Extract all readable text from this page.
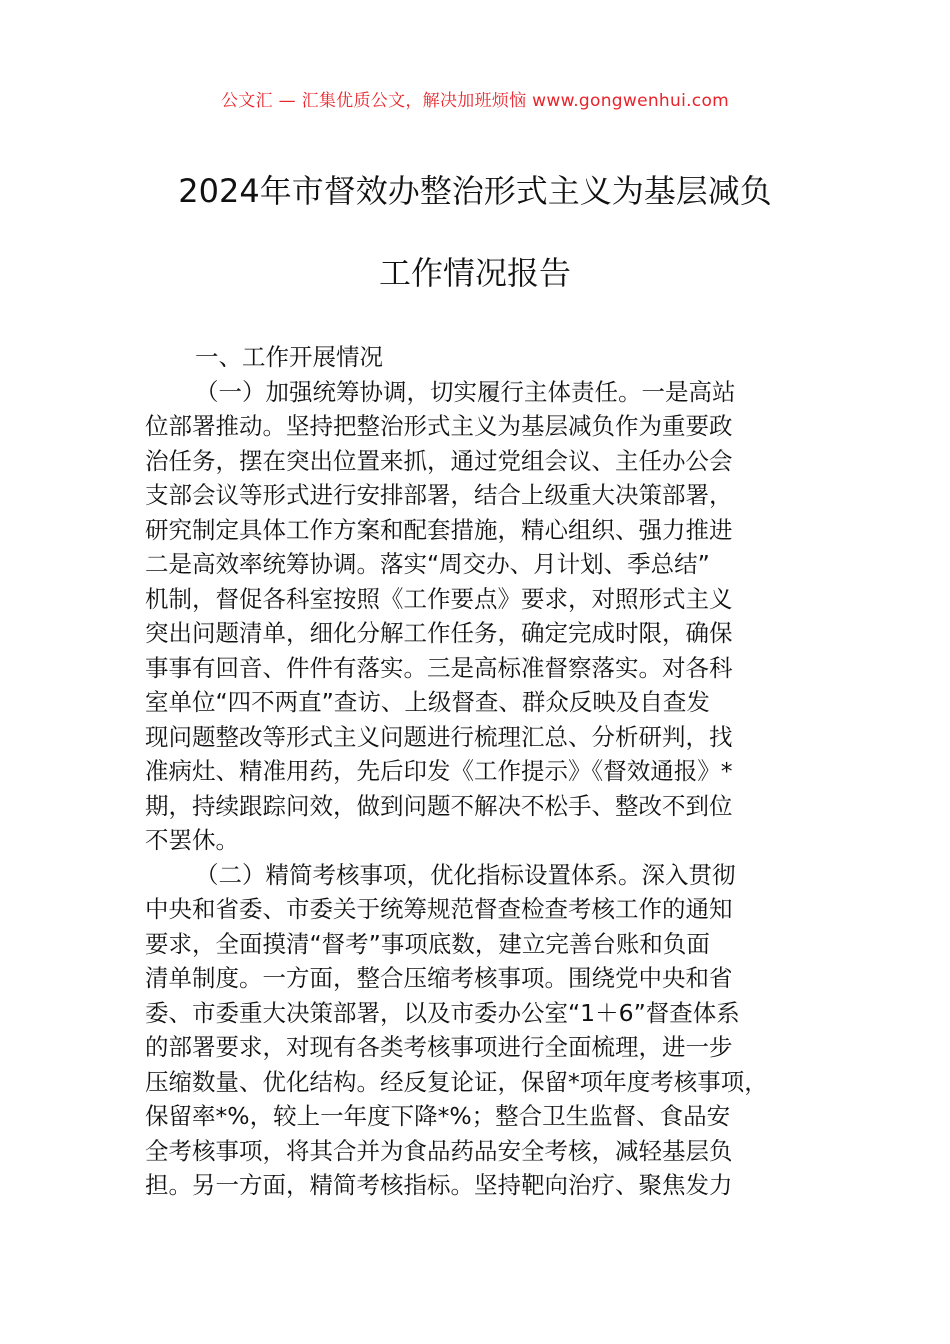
公文汇 — 汇集优质公文，解决加班烦恼 www.gongwenhui.com
2024年市督效办整治形式主义为基层减负
工作情况报告
一、工作开展情况
（一）加强统筹协调，切实履行主体责任。一是高站
位部署推动。坚持把整治形式主义为基层减负作为重要政
治任务，摆在突出位置来抓，通过党组会议、主任办公会
支部会议等形式进行安排部署，结合上级重大决策部署，
研究制定具体工作方案和配套措施，精心组织、强力推进
二是高效率统筹协调。落实“周交办、月计划、季总结”
机制，督促各科室按照《工作要点》要求，对照形式主义
突出问题清单，细化分解工作任务，确定完成时限，确保
事事有回音、件件有落实。三是高标准督察落实。对各科
室单位“四不两直”查访、上级督查、群众反映及自查发
现问题整改等形式主义问题进行梳理汇总、分析研判，找
准病灶、精准用药，先后印发《工作提示》《督效通报》*
期，持续跟踪问效，做到问题不解决不松手、整改不到位
不罢休。
（二）精简考核事项，优化指标设置体系。深入贯彻
中央和省委、市委关于统筹规范督查检查考核工作的通知
要求，全面摸清“督考”事项底数，建立完善台账和负面
清单制度。一方面，整合压缩考核事项。围绕党中央和省
委、市委重大决策部署，以及市委办公室“1＋6”督查体系
的部署要求，对现有各类考核事项进行全面梳理，进一步
压缩数量、优化结构。经反复论证，保留*项年度考核事项，
保留率*%，较上一年度下降*%；整合卫生监督、食品安
全考核事项，将其合并为食品药品安全考核，减轻基层负
担。另一方面，精简考核指标。坚持靶向治疗、聚焦发力
